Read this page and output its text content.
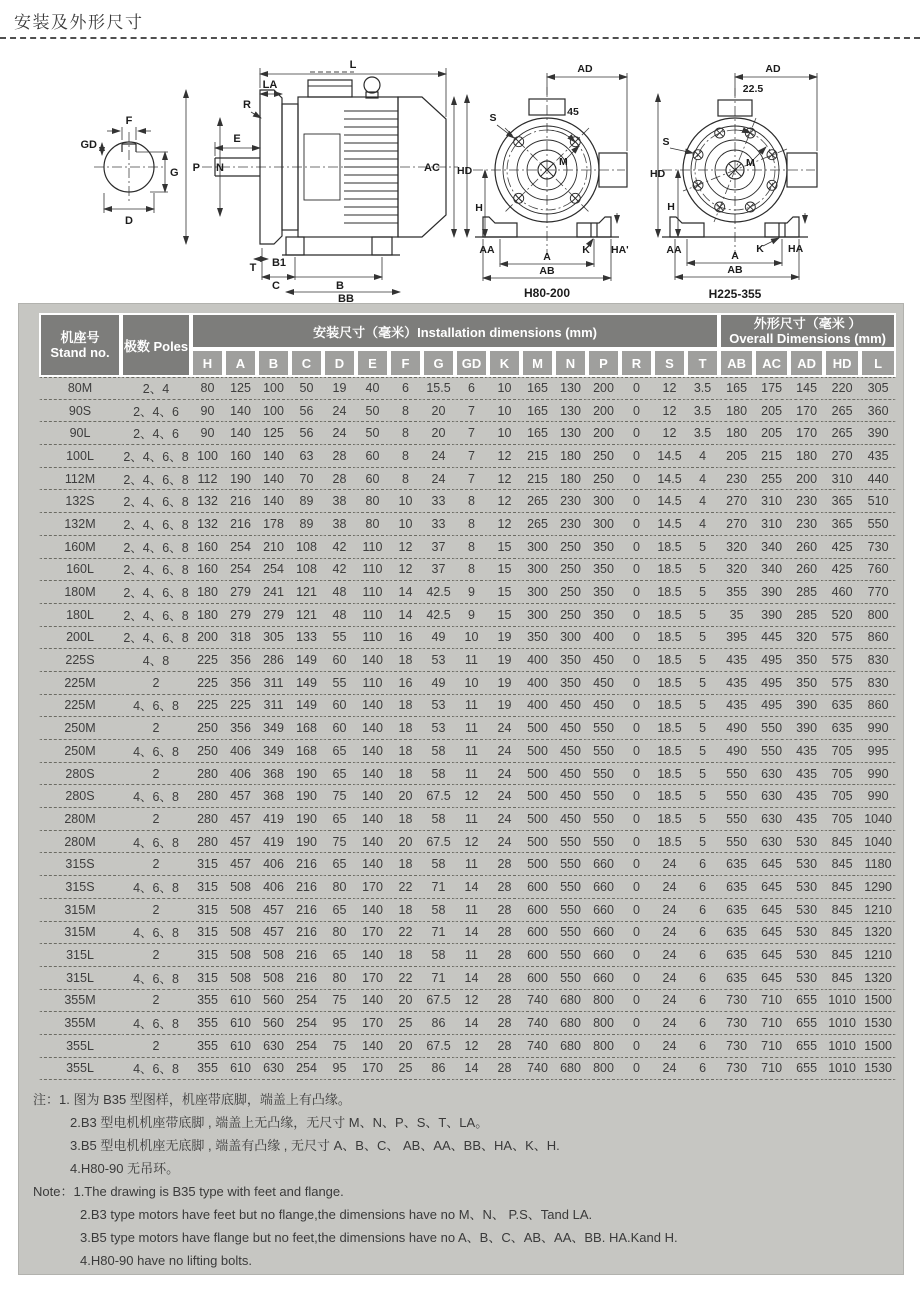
安装及外形尺寸
F
GD
G
D
L
LA
R
E
P N	AC
T B1
C	B
BB
AD
45
S
HD
M
H
AA	K HA'
A
AB
H80-200
AD
22.5
S
HD
M
H
AA	K HA
A
AB
H225-355
机座号
Stand no.	极数 Poles	安装尺寸（毫米）Installation dimensions (mm)	
外形尺寸（毫米 ）
Overall Dimensions (mm)

		H	A	B	C	D	E	F	G	GD	K	M	N	P	R	S	T	AB	AC	AD	HD	L
80M	2、4	80	125	100	50	19	40	6	15.5	6	10	165	130	200	0	12	3.5	165	175	145	220	305
90S	2、4、6	90	140	100	56	24	50	8	20	7	10	165	130	200	0	12	3.5	180	205	170	265	360
90L	2、4、6	90	140	125	56	24	50	8	20	7	10	165	130	200	0	12	3.5	180	205	170	265	390
100L	2、4、6、8	100	160	140	63	28	60	8	24	7	12	215	180	250	0	14.5	4	205	215	180	270	435
112M	2、4、6、8	112	190	140	70	28	60	8	24	7	12	215	180	250	0	14.5	4	230	255	200	310	440
132S	2、4、6、8	132	216	140	89	38	80	10	33	8	12	265	230	300	0	14.5	4	270	310	230	365	510
132M	2、4、6、8	132	216	178	89	38	80	10	33	8	12	265	230	300	0	14.5	4	270	310	230	365	550
160M	2、4、6、8	160	254	210	108	42	110	12	37	8	15	300	250	350	0	18.5	5	320	340	260	425	730
160L	2、4、6、8	160	254	254	108	42	110	12	37	8	15	300	250	350	0	18.5	5	320	340	260	425	760
180M	2、4、6、8	180	279	241	121	48	110	14	42.5	9	15	300	250	350	0	18.5	5	355	390	285	460	770
180L	2、4、6、8	180	279	279	121	48	110	14	42.5	9	15	300	250	350	0	18.5	5	35	390	285	520	800
200L	2、4、6、8	200	318	305	133	55	110	16	49	10	19	350	300	400	0	18.5	5	395	445	320	575	860
225S	4、8	225	356	286	149	60	140	18	53	11	19	400	350	450	0	18.5	5	435	495	350	575	830
225M	2	225	356	311	149	55	110	16	49	10	19	400	350	450	0	18.5	5	435	495	350	575	830
225M	4、6、8	225	225	311	149	60	140	18	53	11	19	400	450	450	0	18.5	5	435	495	390	635	860
250M	2	250	356	349	168	60	140	18	53	11	24	500	450	550	0	18.5	5	490	550	390	635	990
250M	4、6、8	250	406	349	168	65	140	18	58	11	24	500	450	550	0	18.5	5	490	550	435	705	995
280S	2	280	406	368	190	65	140	18	58	11	24	500	450	550	0	18.5	5	550	630	435	705	990
280S	4、6、8	280	457	368	190	75	140	20	67.5	12	24	500	450	550	0	18.5	5	550	630	435	705	990
280M	2	280	457	419	190	65	140	18	58	11	24	500	450	550	0	18.5	5	550	630	435	705	1040
280M	4、6、8	280	457	419	190	75	140	20	67.5	12	24	500	550	550	0	18.5	5	550	630	530	845	1040
315S	2	315	457	406	216	65	140	18	58	11	28	500	550	660	0	24	6	635	645	530	845	1180
315S	4、6、8	315	508	406	216	80	170	22	71	14	28	600	550	660	0	24	6	635	645	530	845	1290
315M	2	315	508	457	216	65	140	18	58	11	28	600	550	660	0	24	6	635	645	530	845	1210
315M	4、6、8	315	508	457	216	80	170	22	71	14	28	600	550	660	0	24	6	635	645	530	845	1320
315L	2	315	508	508	216	65	140	18	58	11	28	600	550	660	0	24	6	635	645	530	845	1210
315L	4、6、8	315	508	508	216	80	170	22	71	14	28	600	550	660	0	24	6	635	645	530	845	1320
355M	2	355	610	560	254	75	140	20	67.5	12	28	740	680	800	0	24	6	730	710	655	1010	1500
355M	4、6、8	355	610	560	254	95	170	25	86	14	28	740	680	800	0	24	6	730	710	655	1010	1530
355L	2	355	610	630	254	75	140	20	67.5	12	28	740	680	800	0	24	6	730	710	655	1010	1500
355L	4、6、8	355	610	630	254	95	170	25	86	14	28	740	680	800	0	24	6	730	710	655	1010	1530
注：1. 图为 B35 型图样，机座带底脚，端盖上有凸缘。
2.B3 型电机机座带底脚 , 端盖上无凸缘，无尺寸 M、N、P、S、T、LA。
3.B5 型电机机座无底脚 , 端盖有凸缘 , 无尺寸 A、B、C、 AB、AA、BB、HA、K、H.
4.H80-90 无吊环。
Note：1.The drawing is B35 type with feet and flange.
2.B3 type motors have feet but no flange,the dimensions have no M、N、 P.S、Tand LA.
3.B5 type motors have flange but no feet,the dimensions have no A、B、C、AB、AA、BB. HA.Kand H.
4.H80-90 have no lifting bolts.
